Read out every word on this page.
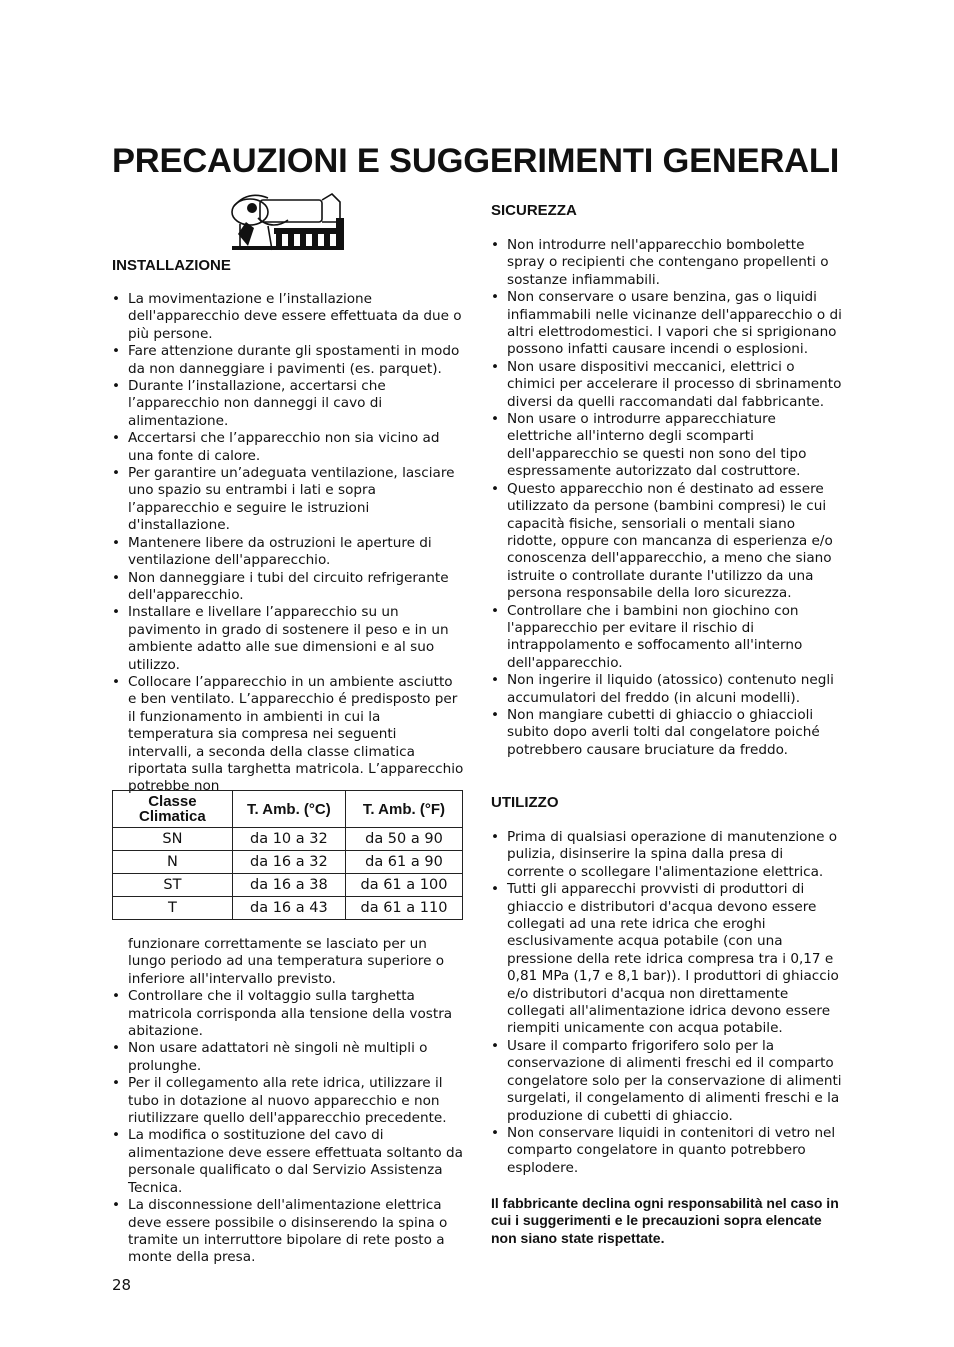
PRECAUZIONI E SUGGERIMENTI GENERALI
INSTALLAZIONE
• La movimentazione e l’installazione dell'apparecchio deve essere effettuata da due o più persone.
• Fare attenzione durante gli spostamenti in modo da non danneggiare i pavimenti (es. parquet).
• Durante l’installazione, accertarsi che l’apparecchio non danneggi il cavo di alimentazione.
• Accertarsi che l’apparecchio non sia vicino ad una fonte di calore.
• Per garantire un’adeguata ventilazione, lasciare uno spazio su entrambi i lati e sopra l’apparecchio e seguire le istruzioni d'installazione.
• Mantenere libere da ostruzioni le aperture di ventilazione dell'apparecchio.
• Non danneggiare i tubi del circuito refrigerante dell'apparecchio.
• Installare e livellare l’apparecchio su un pavimento in grado di sostenere il peso e in un ambiente adatto alle sue dimensioni e al suo utilizzo.
• Collocare l’apparecchio in un ambiente asciutto e ben ventilato. L’apparecchio é predisposto per il funzionamento in ambienti in cui la temperatura sia compresa nei seguenti intervalli, a seconda della classe climatica riportata sulla targhetta matricola. L’apparecchio potrebbe non
Classe Climatica	T. Amb. (°C)	T. Amb. (°F)
SN	da 10 a 32	da 50 a 90
N	da 16 a 32	da 61 a 90
ST	da 16 a 38	da 61 a 100
T	da 16 a 43	da 61 a 110
funzionare correttamente se lasciato per un lungo periodo ad una temperatura superiore o inferiore all'intervallo previsto.
• Controllare che il voltaggio sulla targhetta matricola corrisponda alla tensione della vostra abitazione.
• Non usare adattatori nè singoli nè multipli o prolunghe.
• Per il collegamento alla rete idrica, utilizzare il tubo in dotazione al nuovo apparecchio e non riutilizzare quello dell'apparecchio precedente.
• La modifica o sostituzione del cavo di alimentazione deve essere effettuata soltanto da personale qualificato o dal Servizio Assistenza Tecnica.
• La disconnessione dell'alimentazione elettrica deve essere possibile o disinserendo la spina o tramite un interruttore bipolare di rete posto a monte della presa.
28
SICUREZZA
• Non introdurre nell'apparecchio bombolette spray o recipienti che contengano propellenti o sostanze infiammabili.
• Non conservare o usare benzina, gas o liquidi infiammabili nelle vicinanze dell'apparecchio o di altri elettrodomestici. I vapori che si sprigionano possono infatti causare incendi o esplosioni.
• Non usare dispositivi meccanici, elettrici o chimici per accelerare il processo di sbrinamento diversi da quelli raccomandati dal fabbricante.
• Non usare o introdurre apparecchiature elettriche all'interno degli scomparti dell'apparecchio se questi non sono del tipo espressamente autorizzato dal costruttore.
• Questo apparecchio non é destinato ad essere utilizzato da persone (bambini compresi) le cui capacità fisiche, sensoriali o mentali siano ridotte, oppure con mancanza di esperienza e/o conoscenza dell'apparecchio, a meno che siano istruite o controllate durante l'utilizzo da una persona responsabile della loro sicurezza.
• Controllare che i bambini non giochino con l'apparecchio per evitare il rischio di intrappolamento e soffocamento all'interno dell'apparecchio.
• Non ingerire il liquido (atossico) contenuto negli accumulatori del freddo (in alcuni modelli).
• Non mangiare cubetti di ghiaccio o ghiaccioli subito dopo averli tolti dal congelatore poiché potrebbero causare bruciature da freddo.
UTILIZZO
• Prima di qualsiasi operazione di manutenzione o pulizia, disinserire la spina dalla presa di corrente o scollegare l'alimentazione elettrica.
• Tutti gli apparecchi provvisti di produttori di ghiaccio e distributori d'acqua devono essere collegati ad una rete idrica che eroghi esclusivamente acqua potabile (con una pressione della rete idrica compresa tra i 0,17 e 0,81 MPa (1,7 e 8,1 bar)). I produttori di ghiaccio e/o distributori d'acqua non direttamente collegati all'alimentazione idrica devono essere riempiti unicamente con acqua potabile.
• Usare il comparto frigorifero solo per la conservazione di alimenti freschi ed il comparto congelatore solo per la conservazione di alimenti surgelati, il congelamento di alimenti freschi e la produzione di cubetti di ghiaccio.
• Non conservare liquidi in contenitori di vetro nel comparto congelatore in quanto potrebbero esplodere.
Il fabbricante declina ogni responsabilità nel caso in cui i suggerimenti e le precauzioni sopra elencate non siano state rispettate.
